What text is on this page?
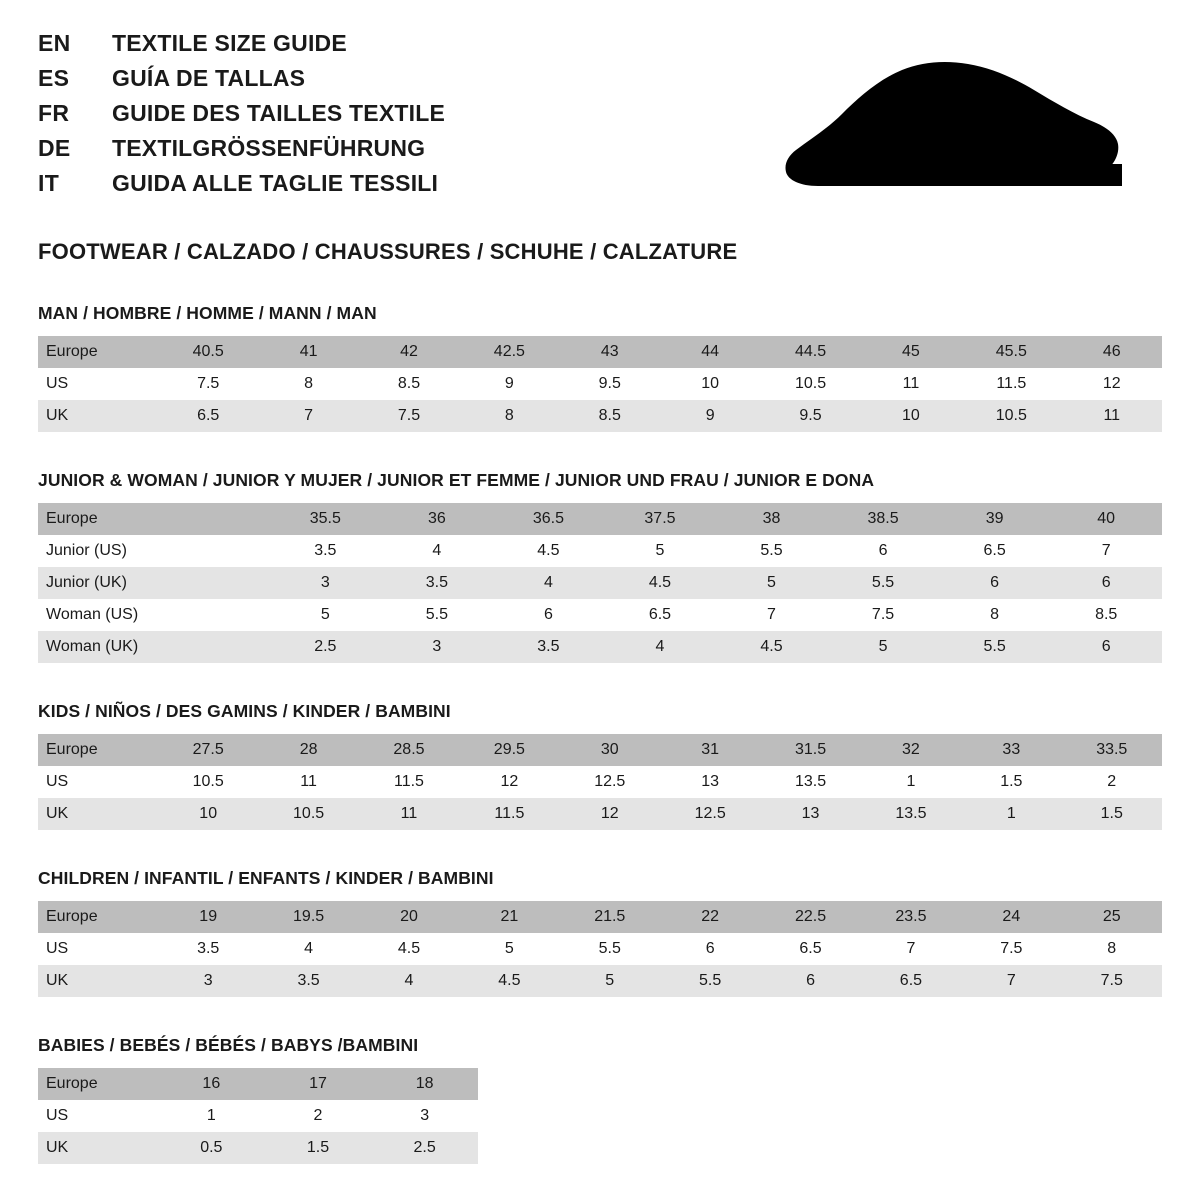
EN	TEXTILE SIZE GUIDE
ES	GUÍA DE TALLAS
FR	GUIDE DES TAILLES TEXTILE
DE	TEXTILGRÖSSENFÜHRUNG
IT	GUIDA ALLE TAGLIE TESSILI
FOOTWEAR / CALZADO / CHAUSSURES / SCHUHE / CALZATURE
MAN / HOMBRE / HOMME / MANN / MAN
Europe	40.5	41	42	42.5	43	44	44.5	45	45.5	46
US	7.5	8	8.5	9	9.5	10	10.5	11	11.5	12
UK	6.5	7	7.5	8	8.5	9	9.5	10	10.5	11
JUNIOR & WOMAN / JUNIOR Y MUJER / JUNIOR ET FEMME / JUNIOR UND FRAU / JUNIOR E DONA
Europe		35.5	36	36.5	37.5	38	38.5	39	40
Junior (US)		3.5	4	4.5	5	5.5	6	6.5	7
Junior (UK)		3	3.5	4	4.5	5	5.5	6	6
Woman (US)		5	5.5	6	6.5	7	7.5	8	8.5
Woman (UK)		2.5	3	3.5	4	4.5	5	5.5	6
KIDS / NIÑOS / DES GAMINS / KINDER / BAMBINI
Europe	27.5	28	28.5	29.5	30	31	31.5	32	33	33.5
US	10.5	11	11.5	12	12.5	13	13.5	1	1.5	2
UK	10	10.5	11	11.5	12	12.5	13	13.5	1	1.5
CHILDREN / INFANTIL / ENFANTS / KINDER / BAMBINI
Europe	19	19.5	20	21	21.5	22	22.5	23.5	24	25
US	3.5	4	4.5	5	5.5	6	6.5	7	7.5	8
UK	3	3.5	4	4.5	5	5.5	6	6.5	7	7.5
BABIES / BEBÉS / BÉBÉS / BABYS /BAMBINI
Europe	16	17	18
US	1	2	3
UK	0.5	1.5	2.5
